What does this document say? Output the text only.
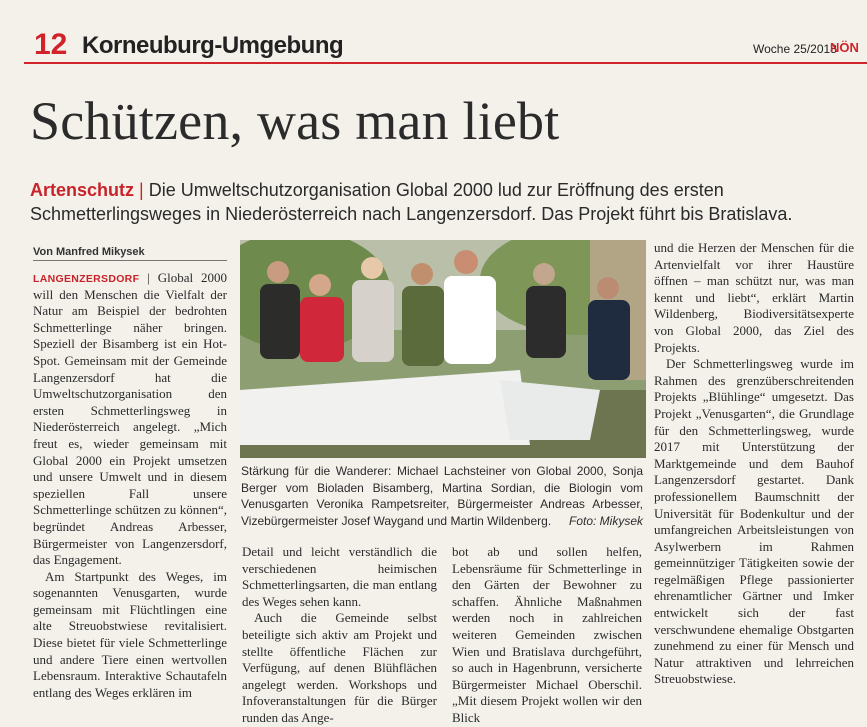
12 Korneuburg-Umgebung	Woche 25/2018
NÖN
Schützen, was man liebt
Artenschutz | Die Umweltschutzorganisation Global 2000 lud zur Eröffnung des ersten Schmetterlingsweges in Niederösterreich nach Langenzersdorf. Das Projekt führt bis Bratislava.
Von Manfred Mikysek

LANGENZERSDORF | Global 2000 will den Menschen die Vielfalt der Natur am Beispiel der bedrohten Schmetterlinge näher bringen. Speziell der Bisamberg ist ein Hot-Spot. Gemeinsam mit der Gemeinde Langenzersdorf hat die Umweltschutzorganisation den ersten Schmetterlingsweg in Niederösterreich angelegt. „Mich freut es, wieder gemeinsam mit Global 2000 ein Projekt umsetzen und unsere Umwelt und in diesem speziellen Fall unsere Schmetterlinge schützen zu können“, begründet Andreas Arbesser, Bürgermeister von Langenzersdorf, das Engagement.

Am Startpunkt des Weges, im sogenannten Venusgarten, wurde gemeinsam mit Flüchtlingen eine alte Streuobstwiese revitalisiert. Diese bietet für viele Schmetterlinge und andere Tiere einen wertvollen Lebensraum. Interaktive Schautafeln entlang des Weges erklären im

Stärkung für die Wanderer: Michael Lachsteiner von Global 2000, Sonja Berger vom Bioladen Bisamberg, Martina Sordian, die Biologin vom Venusgarten Veronika Rampetsreiter, Bürgermeister Andreas Arbesser, Vizebürgermeister Josef Waygand und Martin Wildenberg. Foto: Mikysek

Detail und leicht verständlich die verschiedenen heimischen Schmetterlingsarten, die man entlang des Weges sehen kann.

Auch die Gemeinde selbst beteiligte sich aktiv am Projekt und stellte öffentliche Flächen zur Verfügung, auf denen Blühflächen angelegt werden. Workshops und Infoveranstaltungen für die Bürger runden das Ange-

bot ab und sollen helfen, Lebensräume für Schmetterlinge in den Gärten der Bewohner zu schaffen. Ähnliche Maßnahmen werden noch in zahlreichen weiteren Gemeinden zwischen Wien und Bratislava durchgeführt, so auch in Hagenbrunn, versicherte Bürgermeister Michael Oberschil. „Mit diesem Projekt wollen wir den Blick

und die Herzen der Menschen für die Artenvielfalt vor ihrer Haustüre öffnen – man schützt nur, was man kennt und liebt“, erklärt Martin Wildenberg, Biodiversitätsexperte von Global 2000, das Ziel des Projekts.

Der Schmetterlingsweg wurde im Rahmen des grenzüberschreitenden Projekts „Blühlinge“ umgesetzt. Das Projekt „Venusgarten“, die Grundlage für den Schmetterlingsweg, wurde 2017 mit Unterstützung der Marktgemeinde und dem Bauhof Langenzersdorf gestartet. Dank professionellem Baumschnitt der Universität für Bodenkultur und der umfangreichen Arbeitsleistungen von Asylwerbern im Rahmen gemeinnütziger Tätigkeiten sowie der regelmäßigen Pflege passionierter ehrenamtlicher Gärtner und Imker entwickelt sich der fast verschwundene ehemalige Obstgarten zunehmend zu einer für Mensch und Natur attraktiven und lehrreichen Streuobstwiese.
